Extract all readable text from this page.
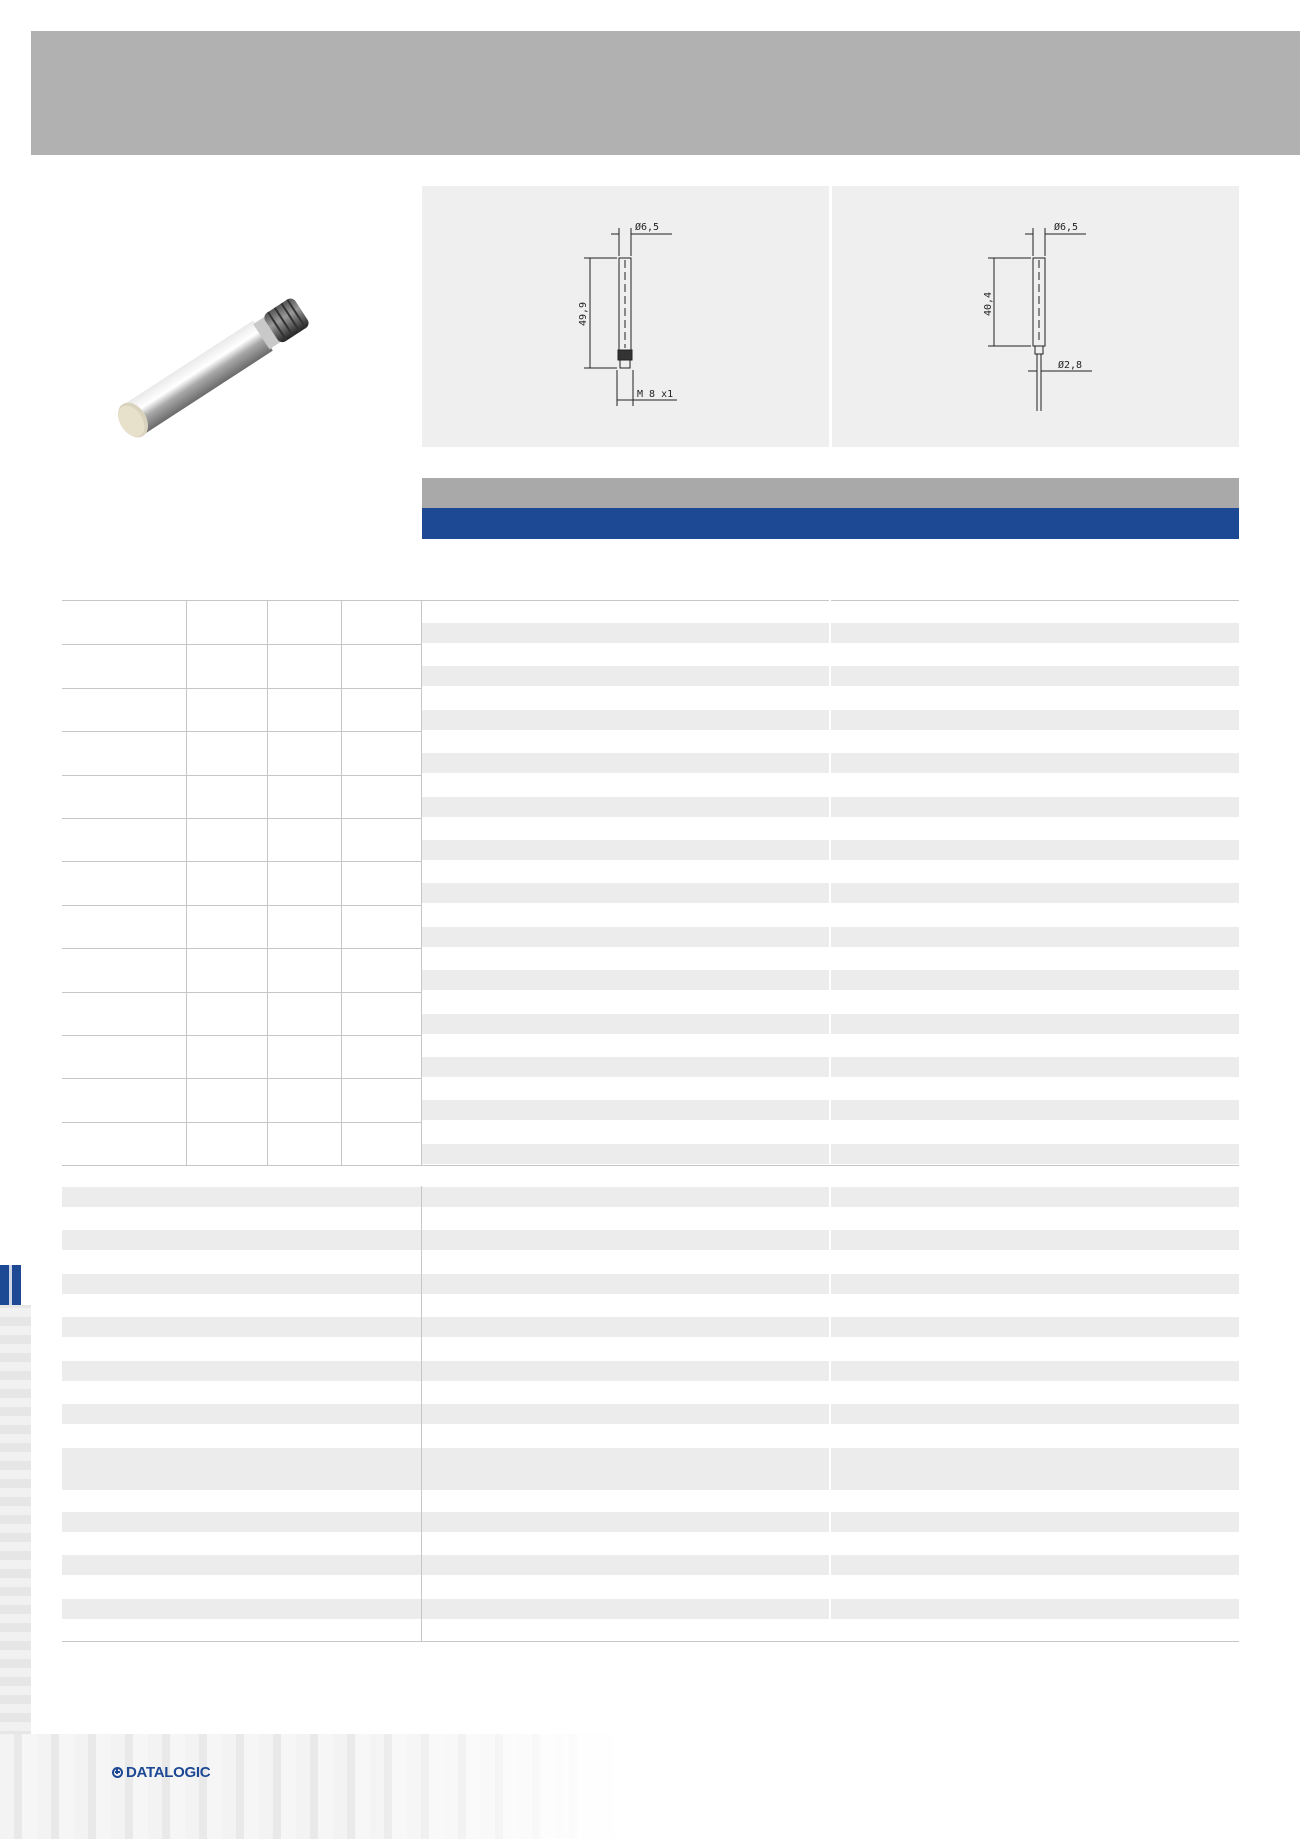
Ø6,5
49,9
M 8 x1
Ø6,5
40,4
Ø2,8
DATALOGIC
